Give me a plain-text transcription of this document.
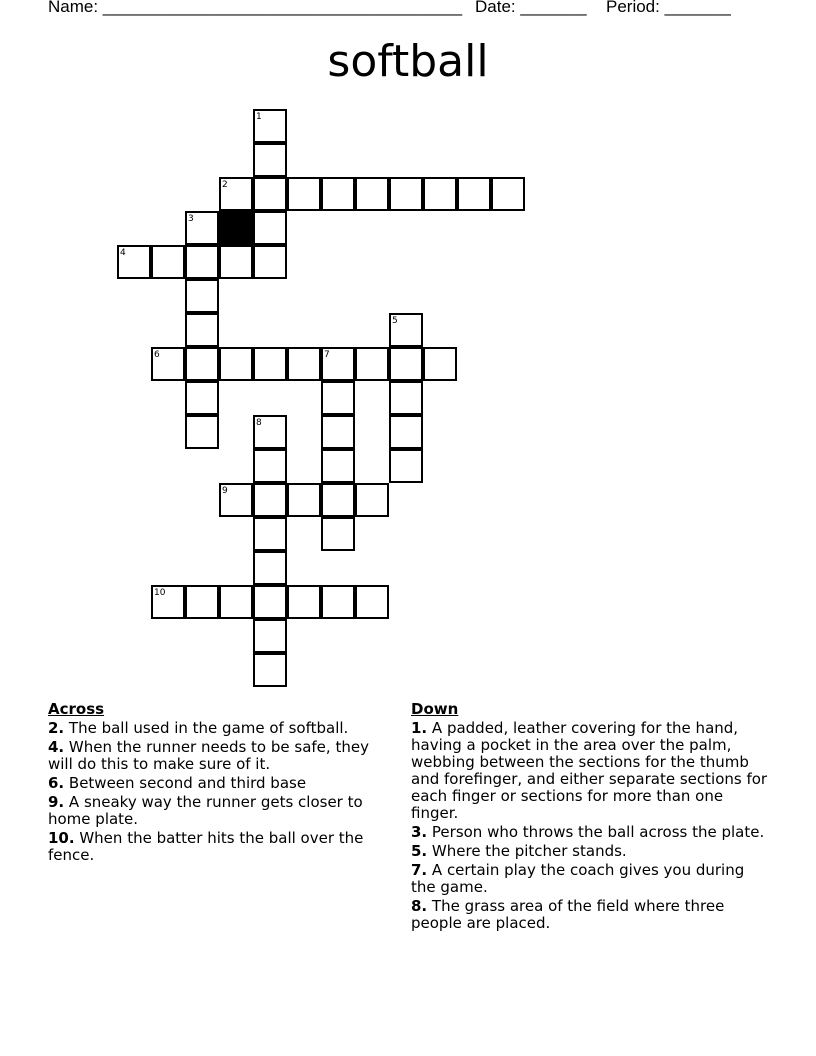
Name: ______________________________________ Date: _______ Period: _______
softball
1
2
3
4
5
6	7
8
9
10
Across
2. The ball used in the game of softball.
4. When the runner needs to be safe, they will do this to make sure of it.
6. Between second and third base
9. A sneaky way the runner gets closer to home plate.
10. When the batter hits the ball over the fence.
Down
1. A padded, leather covering for the hand, having a pocket in the area over the palm, webbing between the sections for the thumb and forefinger, and either separate sections for each finger or sections for more than one finger.
3. Person who throws the ball across the plate.
5. Where the pitcher stands.
7. A certain play the coach gives you during the game.
8. The grass area of the field where three people are placed.
